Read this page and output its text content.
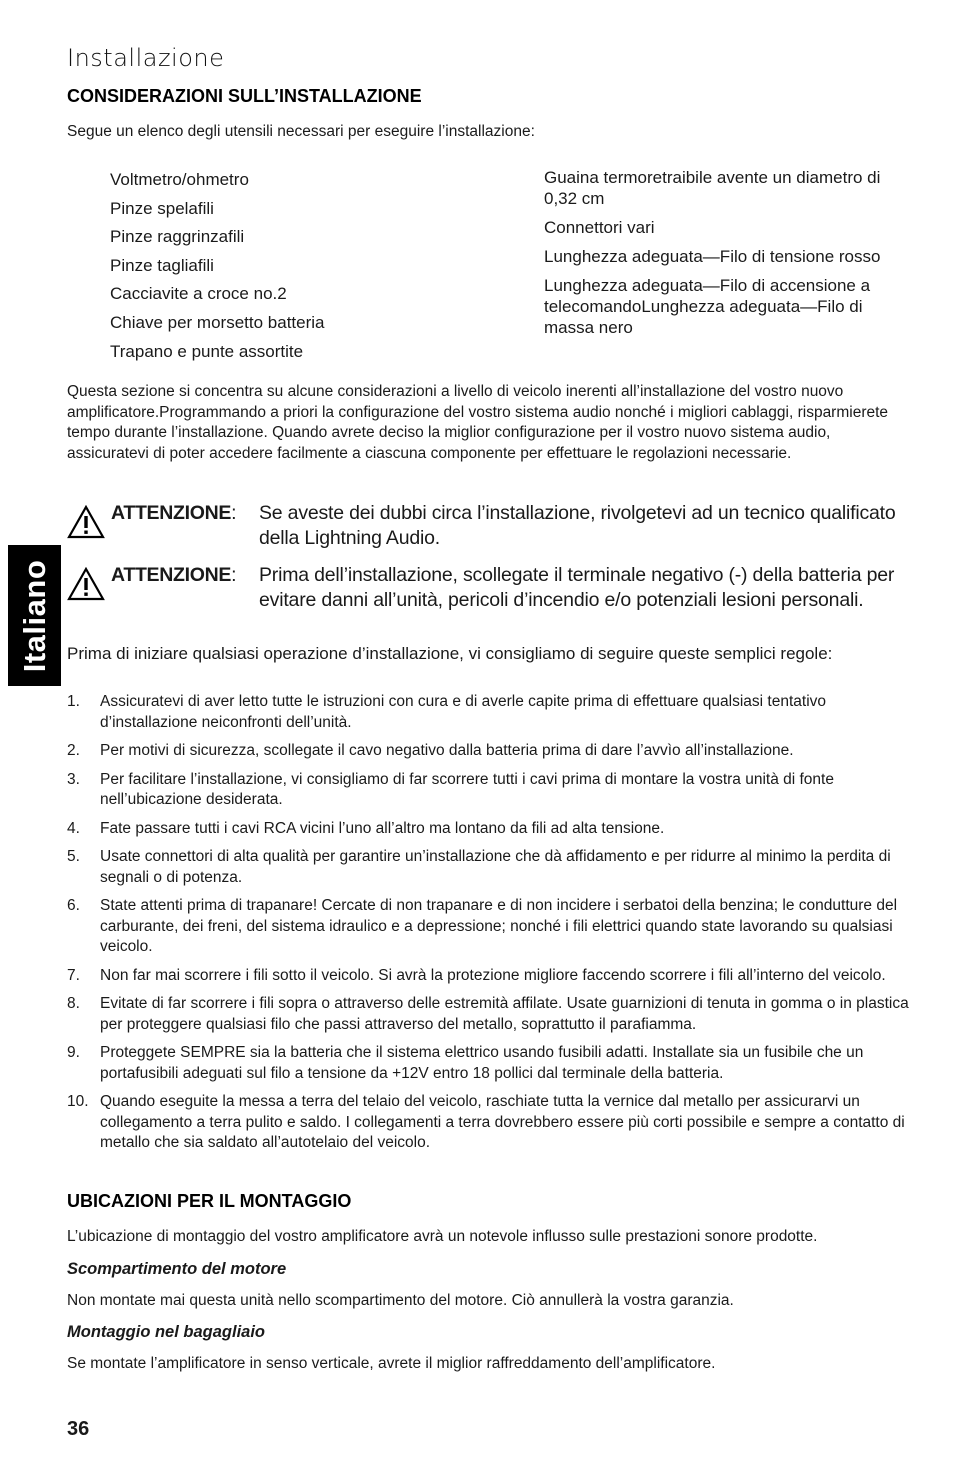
Installazione
CONSIDERAZIONI SULL’INSTALLAZIONE

Segue un elenco degli utensili necessari per eseguire l’installazione:

Voltmetro/ohmetro
Pinze spelafili
Pinze raggrinzafili
Pinze tagliafili
Cacciavite a croce no.2
Chiave per morsetto batteria
Trapano e punte assortite
Guaina termoretraibile avente un diametro di 0,32 cm
Connettori vari
Lunghezza adeguata—Filo di tensione rosso
Lunghezza adeguata—Filo di accensione a telecomandoLunghezza adeguata—Filo di massa nero

Questa sezione si concentra su alcune considerazioni a livello di veicolo inerenti all’installazione del vostro nuovo amplificatore.Programmando a priori la configurazione del vostro sistema audio nonché i migliori cablaggi, risparmierete tempo durante l’installazione. Quando avrete deciso la miglior configurazione per il vostro nuovo sistema audio, assicuratevi di poter accedere facilmente a ciascuna componente per effettuare le regolazioni necessarie.

ATTENZIONE: Se aveste dei dubbi circa l’installazione, rivolgetevi ad un tecnico qualificato della Lightning Audio.
ATTENZIONE: Prima dell’installazione, scollegate il terminale negativo (-) della batteria per evitare danni all’unità, pericoli d’incendio e/o potenziali lesioni personali.
Italiano Prima di iniziare qualsiasi operazione d’installazione, vi consigliamo di seguire queste semplici regole:

1. Assicuratevi di aver letto tutte le istruzioni con cura e di averle capite prima di effettuare qualsiasi tentativo d’installazione neiconfronti dell’unità.
2. Per motivi di sicurezza, scollegate il cavo negativo dalla batteria prima di dare l’avvìo all’installazione.
3. Per facilitare l’installazione, vi consigliamo di far scorrere tutti i cavi prima di montare la vostra unità di fonte nell’ubicazione desiderata.
4. Fate passare tutti i cavi RCA vicini l’uno all’altro ma lontano da fili ad alta tensione.
5. Usate connettori di alta qualità per garantire un’installazione che dà affidamento e per ridurre al minimo la perdita di segnali o di potenza.
6. State attenti prima di trapanare! Cercate di non trapanare e di non incidere i serbatoi della benzina; le condutture del carburante, dei freni, del sistema idraulico e a depressione; nonché i fili elettrici quando state lavorando su qualsiasi veicolo.
7. Non far mai scorrere i fili sotto il veicolo. Si avrà la protezione migliore faccendo scorrere i fili all’interno del veicolo.
8. Evitate di far scorrere i fili sopra o attraverso delle estremità affilate. Usate guarnizioni di tenuta in gomma o in plastica per proteggere qualsiasi filo che passi attraverso del metallo, soprattutto il parafiamma.
9. Proteggete SEMPRE sia la batteria che il sistema elettrico usando fusibili adatti. Installate sia un fusibile che un portafusibili adeguati sul filo a tensione da +12V entro 18 pollici dal terminale della batteria.
10. Quando eseguite la messa a terra del telaio del veicolo, raschiate tutta la vernice dal metallo per assicurarvi un collegamento a terra pulito e saldo. I collegamenti a terra dovrebbero essere più corti possibile e sempre a contatto di metallo che sia saldato all’autotelaio del veicolo.
UBICAZIONI PER IL MONTAGGIO

L’ubicazione di montaggio del vostro amplificatore avrà un notevole influsso sulle prestazioni sonore prodotte.

Scompartimento del motore

Non montate mai questa unità nello scompartimento del motore. Ciò annullerà la vostra garanzia.

Montaggio nel bagagliaio

Se montate l’amplificatore in senso verticale, avrete il miglior raffreddamento dell’amplificatore.

36
